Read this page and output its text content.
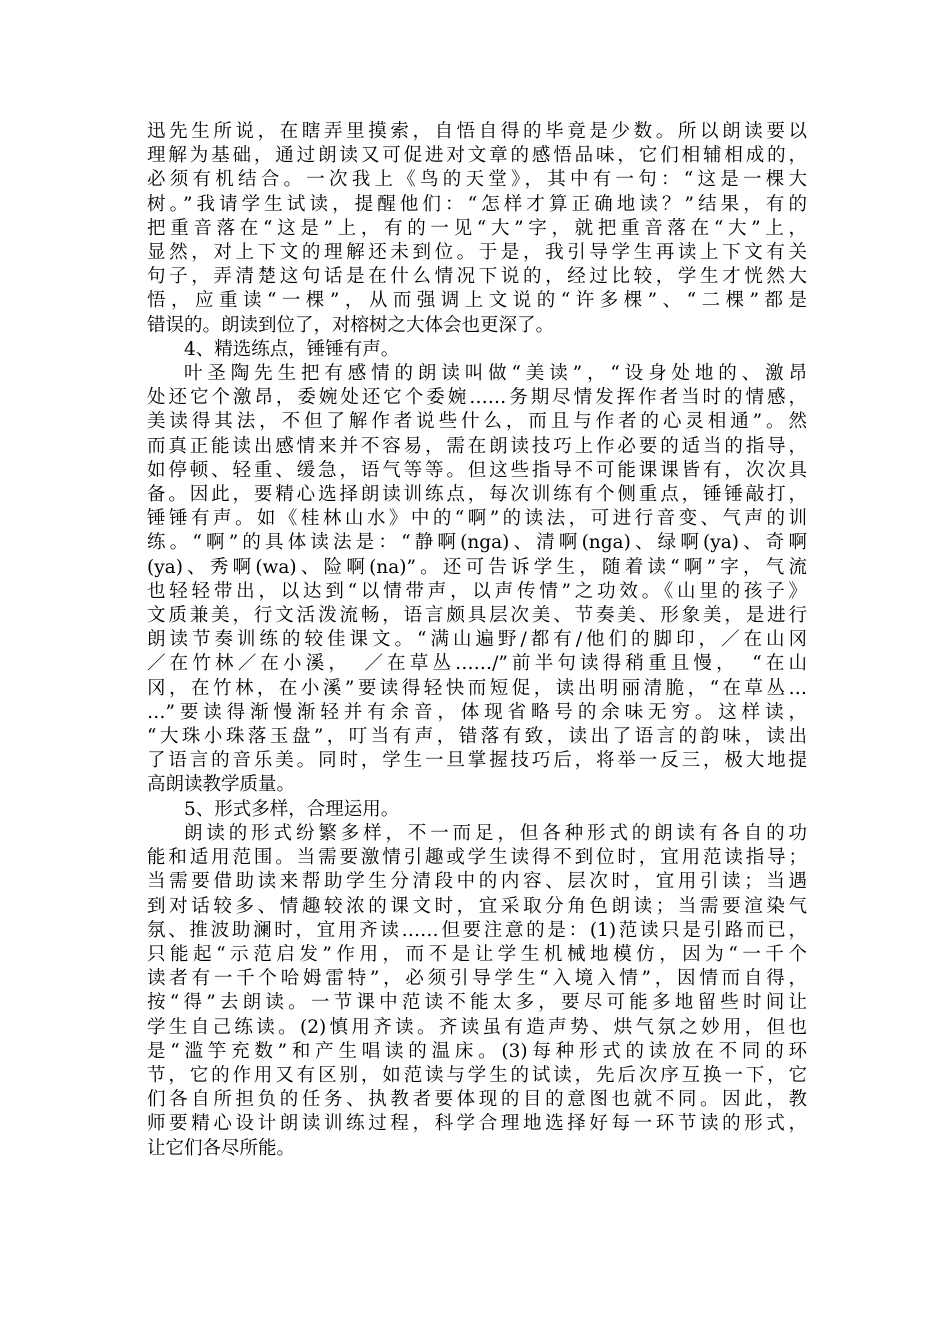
迅先生所说，在瞎弄里摸索，自悟自得的毕竟是少数。所以朗读要以
理解为基础，通过朗读又可促进对文章的感悟品味，它们相辅相成的，
必须有机结合。一次我上《鸟的天堂》，其中有一句：“这是一棵大
树。”我请学生试读，提醒他们：“怎样才算正确地读？”结果，有的
把重音落在“这是”上，有的一见“大”字，就把重音落在“大”上，
显然，对上下文的理解还未到位。于是，我引导学生再读上下文有关
句子，弄清楚这句话是在什么情况下说的，经过比较，学生才恍然大
悟，应重读“一棵”，从而强调上文说的“许多棵”、“二棵”都是
错误的。朗读到位了，对榕树之大体会也更深了。
4、精选练点，锤锤有声。
叶圣陶先生把有感情的朗读叫做“美读”，“设身处地的、激昂
处还它个激昂，委婉处还它个委婉……务期尽情发挥作者当时的情感，
美读得其法，不但了解作者说些什么，而且与作者的心灵相通”。然
而真正能读出感情来并不容易，需在朗读技巧上作必要的适当的指导，
如停顿、轻重、缓急，语气等等。但这些指导不可能课课皆有，次次具
备。因此，要精心选择朗读训练点，每次训练有个侧重点，锤锤敲打，
锤锤有声。如《桂林山水》中的“啊”的读法，可进行音变、气声的训
练。“啊”的具体读法是：“静啊(nga)、清啊(nga)、绿啊(ya)、奇啊
(ya)、秀啊(wa)、险啊(na)”。还可告诉学生，随着读“啊”字，气流
也轻轻带出，以达到“以情带声，以声传情”之功效。《山里的孩子》
文质兼美，行文活泼流畅，语言颇具层次美、节奏美、形象美，是进行
朗读节奏训练的较佳课文。“满山遍野/都有/他们的脚印，／在山冈
／在竹林／在小溪，　／在草丛……/”前半句读得稍重且慢，　“在山
冈，在竹林，在小溪”要读得轻快而短促，读出明丽清脆，“在草丛…
…”要读得渐慢渐轻并有余音，体现省略号的余味无穷。这样读，
“大珠小珠落玉盘”，叮当有声，错落有致，读出了语言的韵味，读出
了语言的音乐美。同时，学生一旦掌握技巧后，将举一反三，极大地提
高朗读教学质量。
5、形式多样，合理运用。
朗读的形式纷繁多样，不一而足，但各种形式的朗读有各自的功
能和适用范围。当需要激情引趣或学生读得不到位时，宜用范读指导；
当需要借助读来帮助学生分清段中的内容、层次时，宜用引读；当遇
到对话较多、情趣较浓的课文时，宜采取分角色朗读；当需要渲染气
氛、推波助澜时，宜用齐读……但要注意的是：(1)范读只是引路而已，
只能起“示范启发”作用，而不是让学生机械地模仿，因为“一千个
读者有一千个哈姆雷特”，必须引导学生“入境入情”，因情而自得，
按“得”去朗读。一节课中范读不能太多，要尽可能多地留些时间让
学生自己练读。(2)慎用齐读。齐读虽有造声势、烘气氛之妙用，但也
是“滥竽充数”和产生唱读的温床。(3)每种形式的读放在不同的环
节，它的作用又有区别，如范读与学生的试读，先后次序互换一下，它
们各自所担负的任务、执教者要体现的目的意图也就不同。因此，教
师要精心设计朗读训练过程，科学合理地选择好每一环节读的形式，
让它们各尽所能。
